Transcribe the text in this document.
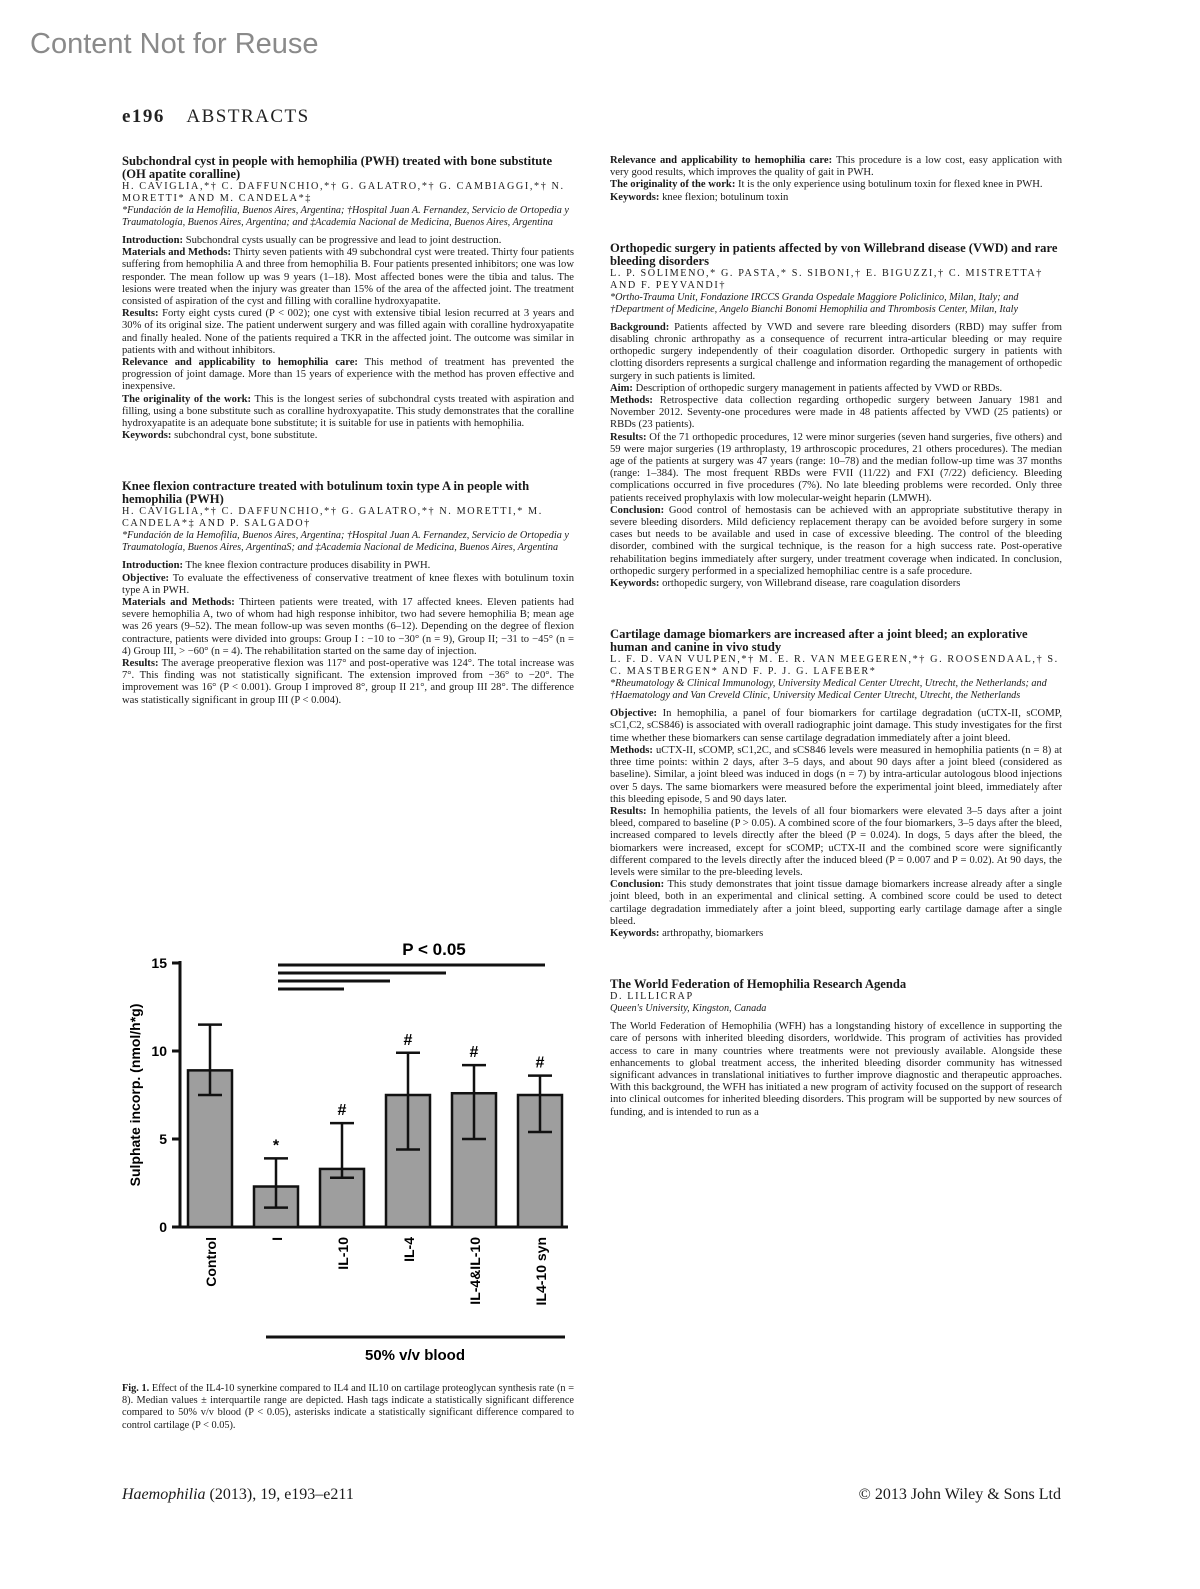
Content Not for Reuse
e196 ABSTRACTS

Subchondral cyst in people with hemophilia (PWH) treated with bone substitute (OH apatite coralline)

H. CAVIGLIA,*† C. DAFFUNCHIO,*† G. GALATRO,*† G. CAMBIAGGI,*† N. MORETTI* AND M. CANDELA*‡

*Fundación de la Hemofilia, Buenos Aires, Argentina; †Hospital Juan A. Fernandez, Servicio de Ortopedia y Traumatología, Buenos Aires, Argentina; and ‡Academia Nacional de Medicina, Buenos Aires, Argentina

Introduction: Subchondral cysts usually can be progressive and lead to joint destruction.

Materials and Methods: Thirty seven patients with 49 subchondral cyst were treated. Thirty four patients suffering from hemophilia A and three from hemophilia B. Four patients presented inhibitors; one was low responder. The mean follow up was 9 years (1–18). Most affected bones were the tibia and talus. The lesions were treated when the injury was greater than 15% of the area of the affected joint. The treatment consisted of aspiration of the cyst and filling with coralline hydroxyapatite.

Results: Forty eight cysts cured (P < 002); one cyst with extensive tibial lesion recurred at 3 years and 30% of its original size. The patient underwent surgery and was filled again with coralline hydroxyapatite and finally healed. None of the patients required a TKR in the affected joint. The outcome was similar in patients with and without inhibitors.

Relevance and applicability to hemophilia care: This method of treatment has prevented the progression of joint damage. More than 15 years of experience with the method has proven effective and inexpensive.

The originality of the work: This is the longest series of subchondral cysts treated with aspiration and filling, using a bone substitute such as coralline hydroxyapatite. This study demonstrates that the coralline hydroxyapatite is an adequate bone substitute; it is suitable for use in patients with hemophilia.

Keywords: subchondral cyst, bone substitute.

Knee flexion contracture treated with botulinum toxin type A in people with hemophilia (PWH)

H. CAVIGLIA,*† C. DAFFUNCHIO,*† G. GALATRO,*† N. MORETTI,* M. CANDELA*‡ AND P. SALGADO†

*Fundación de la Hemofilia, Buenos Aires, Argentina; †Hospital Juan A. Fernandez, Servicio de Ortopedia y Traumatología, Buenos Aires, ArgentinaS; and ‡Academia Nacional de Medicina, Buenos Aires, Argentina

Introduction: The knee flexion contracture produces disability in PWH.

Objective: To evaluate the effectiveness of conservative treatment of knee flexes with botulinum toxin type A in PWH.

Materials and Methods: Thirteen patients were treated, with 17 affected knees. Eleven patients had severe hemophilia A, two of whom had high response inhibitor, two had severe hemophilia B; mean age was 26 years (9–52). The mean follow-up was seven months (6–12). Depending on the degree of flexion contracture, patients were divided into groups: Group I : −10 to −30° (n = 9), Group II; −31 to −45° (n = 4) Group III, > −60° (n = 4). The rehabilitation started on the same day of injection.

Results: The average preoperative flexion was 117° and post-operative was 124°. The total increase was 7°. This finding was not statistically significant. The extension improved from −36° to −20°. The improvement was 16° (P < 0.001). Group I improved 8°, group II 21°, and group III 28°. The difference was statistically significant in group III (P < 0.004).

Relevance and applicability to hemophilia care: This procedure is a low cost, easy application with very good results, which improves the quality of gait in PWH.

The originality of the work: It is the only experience using botulinum toxin for flexed knee in PWH.

Keywords: knee flexion; botulinum toxin

Orthopedic surgery in patients affected by von Willebrand disease (VWD) and rare bleeding disorders

L. P. SOLIMENO,* G. PASTA,* S. SIBONI,† E. BIGUZZI,† C. MISTRETTA† AND F. PEYVANDI†

*Ortho-Trauma Unit, Fondazione IRCCS Granda Ospedale Maggiore Policlinico, Milan, Italy; and †Department of Medicine, Angelo Bianchi Bonomi Hemophilia and Thrombosis Center, Milan, Italy

Background: Patients affected by VWD and severe rare bleeding disorders (RBD) may suffer from disabling chronic arthropathy as a consequence of recurrent intra-articular bleeding or may require orthopedic surgery independently of their coagulation disorder. Orthopedic surgery in patients with clotting disorders represents a surgical challenge and information regarding the management of orthopedic surgery in such patients is limited.

Aim: Description of orthopedic surgery management in patients affected by VWD or RBDs.

Methods: Retrospective data collection regarding orthopedic surgery between January 1981 and November 2012. Seventy-one procedures were made in 48 patients affected by VWD (25 patients) or RBDs (23 patients).

Results: Of the 71 orthopedic procedures, 12 were minor surgeries (seven hand surgeries, five others) and 59 were major surgeries (19 arthroplasty, 19 arthroscopic procedures, 21 others procedures). The median age of the patients at surgery was 47 years (range: 10–78) and the median follow-up time was 37 months (range: 1–384). The most frequent RBDs were FVII (11/22) and FXI (7/22) deficiency. Bleeding complications occurred in five procedures (7%). No late bleeding problems were recorded. Only three patients received prophylaxis with low molecular-weight heparin (LMWH).

Conclusion: Good control of hemostasis can be achieved with an appropriate substitutive therapy in severe bleeding disorders. Mild deficiency replacement therapy can be avoided before surgery in some cases but needs to be available and used in case of excessive bleeding. The control of the bleeding disorder, combined with the surgical technique, is the reason for a high success rate. Post-operative rehabilitation begins immediately after surgery, under treatment coverage when indicated. In conclusion, orthopedic surgery performed in a specialized hemophiliac centre is a safe procedure.

Keywords: orthopedic surgery, von Willebrand disease, rare coagulation disorders

Cartilage damage biomarkers are increased after a joint bleed; an explorative human and canine in vivo study

L. F. D. VAN VULPEN,*† M. E. R. VAN MEEGEREN,*† G. ROOSENDAAL,† S. C. MASTBERGEN* AND F. P. J. G. LAFEBER*

*Rheumatology & Clinical Immunology, University Medical Center Utrecht, Utrecht, the Netherlands; and †Haematology and Van Creveld Clinic, University Medical Center Utrecht, Utrecht, the Netherlands

Objective: In hemophilia, a panel of four biomarkers for cartilage degradation (uCTX-II, sCOMP, sC1,C2, sCS846) is associated with overall radiographic joint damage. This study investigates for the first time whether these biomarkers can sense cartilage degradation immediately after a joint bleed.

Methods: uCTX-II, sCOMP, sC1,2C, and sCS846 levels were measured in hemophilia patients (n = 8) at three time points: within 2 days, after 3–5 days, and about 90 days after a joint bleed (considered as baseline). Similar, a joint bleed was induced in dogs (n = 7) by intra-articular autologous blood injections over 5 days. The same biomarkers were measured before the experimental joint bleed, immediately after this bleeding episode, 5 and 90 days later.

Results: In hemophilia patients, the levels of all four biomarkers were elevated 3–5 days after a joint bleed, compared to baseline (P > 0.05). A combined score of the four biomarkers, 3–5 days after the bleed, increased compared to levels directly after the bleed (P = 0.024). In dogs, 5 days after the bleed, the biomarkers were increased, except for sCOMP; uCTX-II and the combined score were significantly different compared to the levels directly after the induced bleed (P = 0.007 and P = 0.02). At 90 days, the levels were similar to the pre-bleeding levels.

Conclusion: This study demonstrates that joint tissue damage biomarkers increase already after a single joint bleed, both in an experimental and clinical setting. A combined score could be used to detect cartilage degradation immediately after a joint bleed, supporting early cartilage damage after a single bleed.

Keywords: arthropathy, biomarkers

The World Federation of Hemophilia Research Agenda

D. LILLICRAP

Queen's University, Kingston, Canada

The World Federation of Hemophilia (WFH) has a longstanding history of excellence in supporting the care of persons with inherited bleeding disorders, worldwide. This program of activities has provided access to care in many countries where treatments were not previously available. Alongside these enhancements to global treatment access, the inherited bleeding disorder community has witnessed significant advances in translational initiatives to further improve diagnostic and therapeutic approaches. With this background, the WFH has initiated a new program of activity focused on the support of research into clinical outcomes for inherited bleeding disorders. This program will be supported by new sources of funding, and is intended to run as a

0
5
10
15
Sulphate incorp. (nmol/h*g)
Control
*
I
#
IL-10
#
IL-4
#
IL-4&IL-10
#
IL4-10 syn
P < 0.05
50% v/v blood
Fig. 1. Effect of the IL4-10 synerkine compared to IL4 and IL10 on cartilage proteoglycan synthesis rate (n = 8). Median values ± interquartile range are depicted. Hash tags indicate a statistically significant difference compared to 50% v/v blood (P < 0.05), asterisks indicate a statistically significant difference compared to control cartilage (P < 0.05).
Haemophilia (2013), 19, e193–e211	© 2013 John Wiley & Sons Ltd
